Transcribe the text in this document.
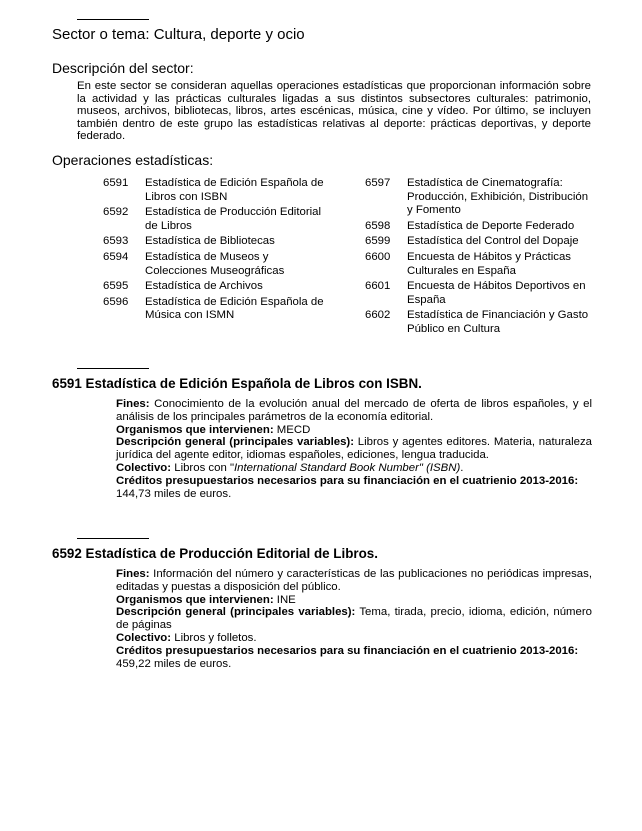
Sector o tema: Cultura, deporte y ocio
Descripción del sector:

En este sector se consideran aquellas operaciones estadísticas que proporcionan información sobre la actividad y las prácticas culturales ligadas a sus distintos subsectores culturales: patrimonio, museos, archivos, bibliotecas, libros, artes escénicas, música, cine y vídeo. Por último, se incluyen también dentro de este grupo las estadísticas relativas al deporte: prácticas deportivas, y deporte federado.

Operaciones estadísticas:
6591	Estadística de Edición Española de Libros con ISBN
6592	Estadística de Producción Editorial de Libros
6593	Estadística de Bibliotecas
6594	Estadística de Museos y Colecciones Museográficas
6595	Estadística de Archivos
6596	Estadística de Edición Española de Música con ISMN
6597	Estadística de Cinematografía: Producción, Exhibición, Distribución y Fomento
6598	Estadística de Deporte Federado
6599	Estadística del Control del Dopaje
6600	Encuesta de Hábitos y Prácticas Culturales en España
6601	Encuesta de Hábitos Deportivos en España
6602	Estadística de Financiación y Gasto Público en Cultura
6591 Estadística de Edición Española de Libros con ISBN.

Fines: Conocimiento de la evolución anual del mercado de oferta de libros españoles, y el análisis de los principales parámetros de la economía editorial.

Organismos que intervienen: MECD

Descripción general (principales variables): Libros y agentes editores. Materia, naturaleza jurídica del agente editor, idiomas españoles, ediciones, lengua traducida.

Colectivo: Libros con "International Standard Book Number" (ISBN).

Créditos presupuestarios necesarios para su financiación en el cuatrienio 2013-2016:
144,73 miles de euros.

6592 Estadística de Producción Editorial de Libros.

Fines: Información del número y características de las publicaciones no periódicas impresas, editadas y puestas a disposición del público.

Organismos que intervienen: INE

Descripción general (principales variables): Tema, tirada, precio, idioma, edición, número de páginas

Colectivo: Libros y folletos.

Créditos presupuestarios necesarios para su financiación en el cuatrienio 2013-2016:
459,22 miles de euros.
